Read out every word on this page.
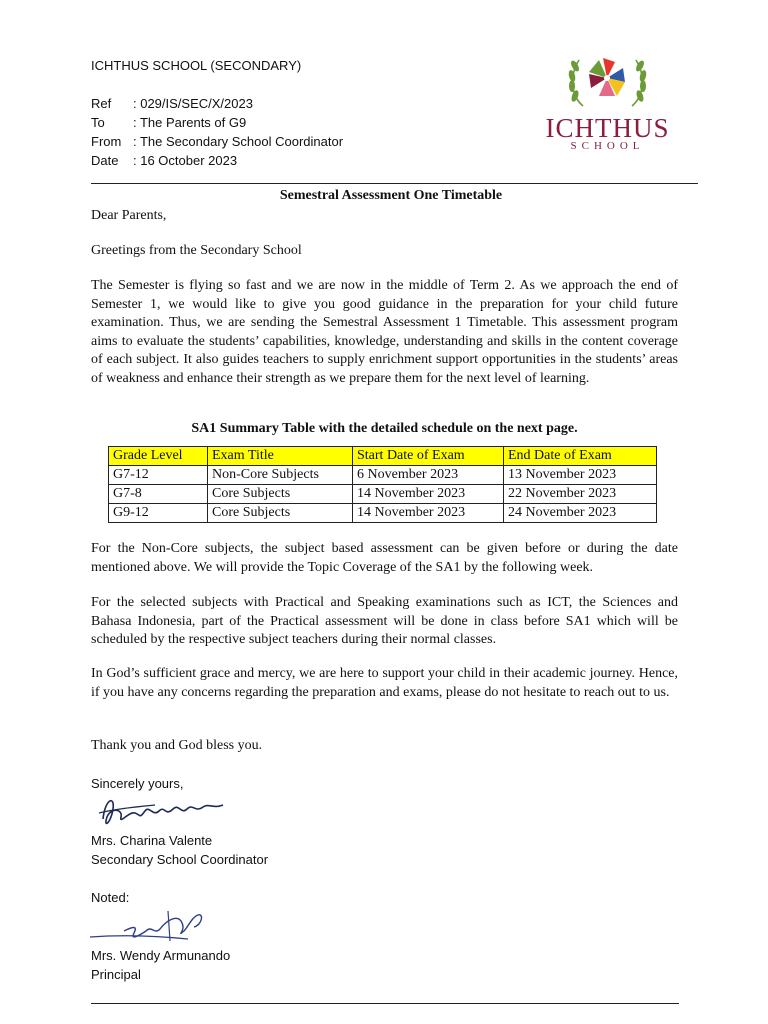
ICHTHUS SCHOOL (SECONDARY)
Ref	: 029/IS/SEC/X/2023
To	: The Parents of G9
From : The Secondary School Coordinator
Date	: 16 October 2023
ICHTHUS
SCHOOL
Semestral Assessment One Timetable
Dear Parents,
Greetings from the Secondary School
The Semester is flying so fast and we are now in the middle of Term 2. As we approach the end of Semester 1, we would like to give you good guidance in the preparation for your child future examination. Thus, we are sending the Semestral Assessment 1 Timetable. This assessment program aims to evaluate the students’ capabilities, knowledge, understanding and skills in the content coverage of each subject. It also guides teachers to supply enrichment support opportunities in the students’ areas of weakness and enhance their strength as we prepare them for the next level of learning.
SA1 Summary Table with the detailed schedule on the next page.
Grade Level	Exam Title	Start Date of Exam	End Date of Exam
G7-12	Non-Core Subjects	6 November 2023	13 November 2023
G7-8	Core Subjects	14 November 2023	22 November 2023
G9-12	Core Subjects	14 November 2023	24 November 2023
For the Non-Core subjects, the subject based assessment can be given before or during the date mentioned above. We will provide the Topic Coverage of the SA1 by the following week.
For the selected subjects with Practical and Speaking examinations such as ICT, the Sciences and Bahasa Indonesia, part of the Practical assessment will be done in class before SA1 which will be scheduled by the respective subject teachers during their normal classes.
In God’s sufficient grace and mercy, we are here to support your child in their academic journey. Hence, if you have any concerns regarding the preparation and exams, please do not hesitate to reach out to us.
Thank you and God bless you.
Sincerely yours,
Mrs. Charina Valente
Secondary School Coordinator
Noted:
Mrs. Wendy Armunando
Principal
